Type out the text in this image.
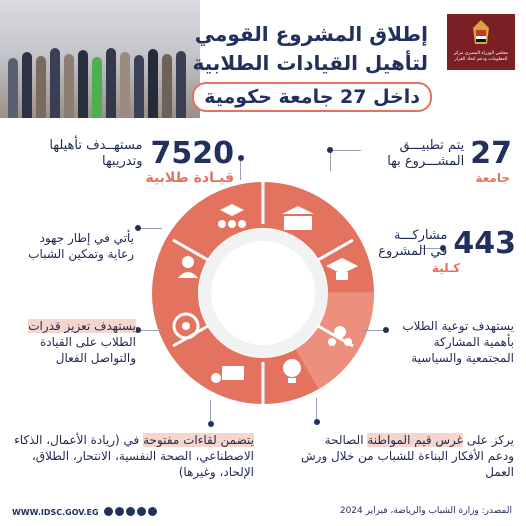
مجلس الوزراء المصري مركز المعلومات ودعم اتخاذ القرار
إطلاق المشروع القومي
لتأهيل القيادات الطلابية
داخل 27 جامعة حكومية
27
يتم تطبيـــق المشـــروع بها
جامعة
7520
مستهــدف تأهيلها وتدريبها
قيـادة طلابية
443
مشاركـــة في المشروع
كـلية
يأتي في إطار جهود رعاية وتمكين الشباب
يستهدف تعزيز قدرات الطلاب على القيادة والتواصل الفعال
يستهدف توعية الطلاب بأهمية المشاركة المجتمعية والسياسية
يتضمن لقاءات مفتوحة في (ريادة الأعمال، الذكاء الاصطناعي، الصحة النفسية، الانتحار، الطلاق، الإلحاد، وغيرها)
يركز على غرس قيم المواطنة الصالحة ودعم الأفكار البناءة للشباب من خلال ورش العمل
WWW.IDSC.GOV.EG	المصدر: وزارة الشباب والرياضة، فبراير 2024
